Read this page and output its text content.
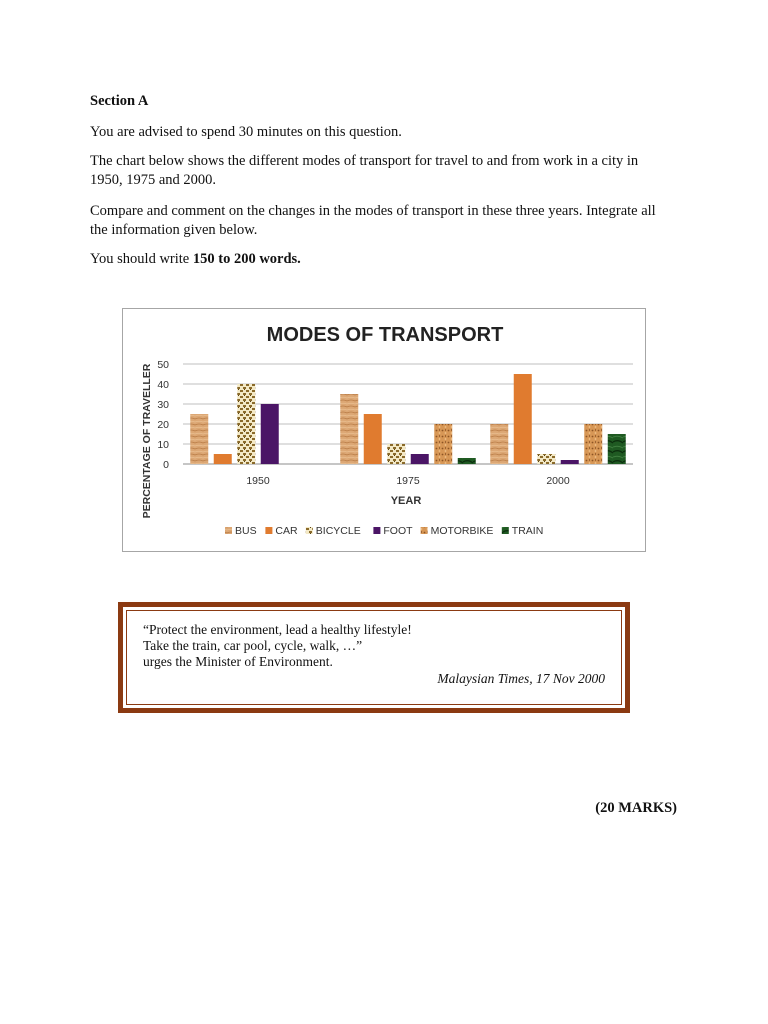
Section A

You are advised to spend 30 minutes on this question.

The chart below shows the different modes of transport for travel to and from work in a city in 1950, 1975 and 2000.

Compare and comment on the changes in the modes of transport in these three years. Integrate all the information given below.

You should write 150 to 200 words.

MODES OF TRANSPORT
0
10
20
30
40
50
1950	1975	2000
YEAR
PERCENTAGE OF TRAVELLER
BUS CAR BICYCLE FOOT MOTORBIKE TRAIN

“Protect the environment, lead a healthy lifestyle!

Take the train, car pool, cycle, walk, …”

urges the Minister of Environment.

Malaysian Times, 17 Nov 2000

(20 MARKS)
